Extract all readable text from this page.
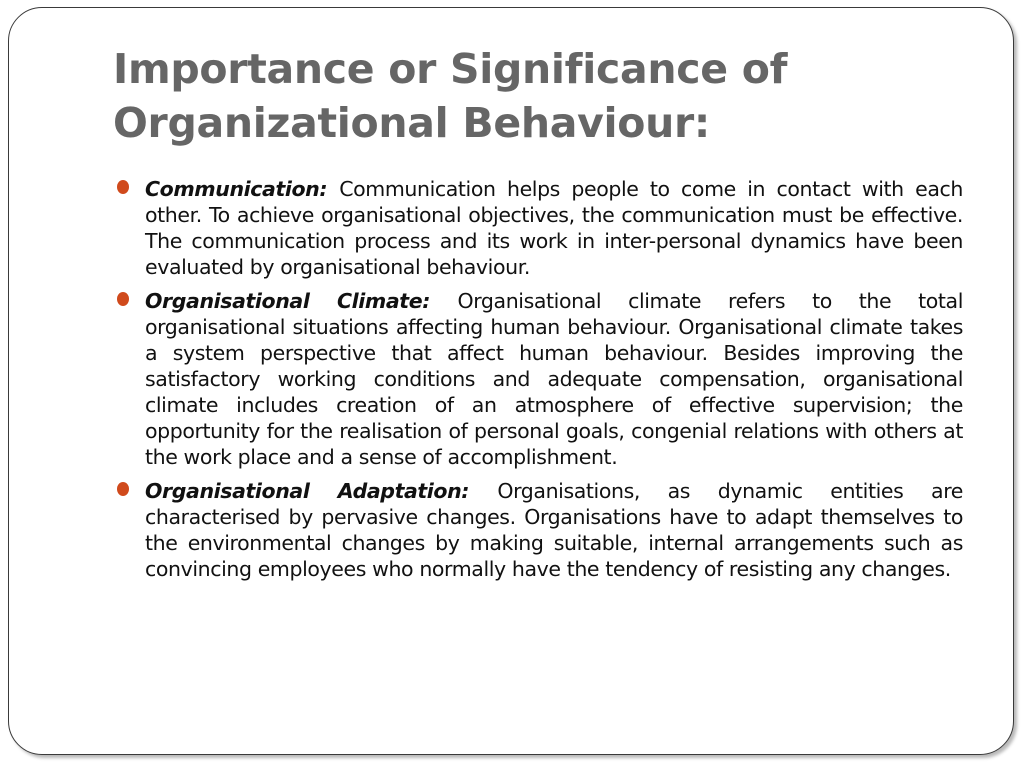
Importance or Significance of Organizational Behaviour:
Communication: Communication helps people to come in contact with each other. To achieve organisational objectives, the communication must be effective. The communication process and its work in inter-personal dynamics have been evaluated by organisational behaviour.
Organisational Climate: Organisational climate refers to the total organisational situations affecting human behaviour. Organisational climate takes a system perspective that affect human behaviour. Besides improving the satisfactory working conditions and adequate compensation, organisational climate includes creation of an atmosphere of effective supervision; the opportunity for the realisation of personal goals, congenial relations with others at the work place and a sense of accomplishment.
Organisational Adaptation: Organisations, as dynamic entities are characterised by pervasive changes. Organisations have to adapt themselves to the environmental changes by making suitable, internal arrangements such as convincing employees who normally have the tendency of resisting any changes.
